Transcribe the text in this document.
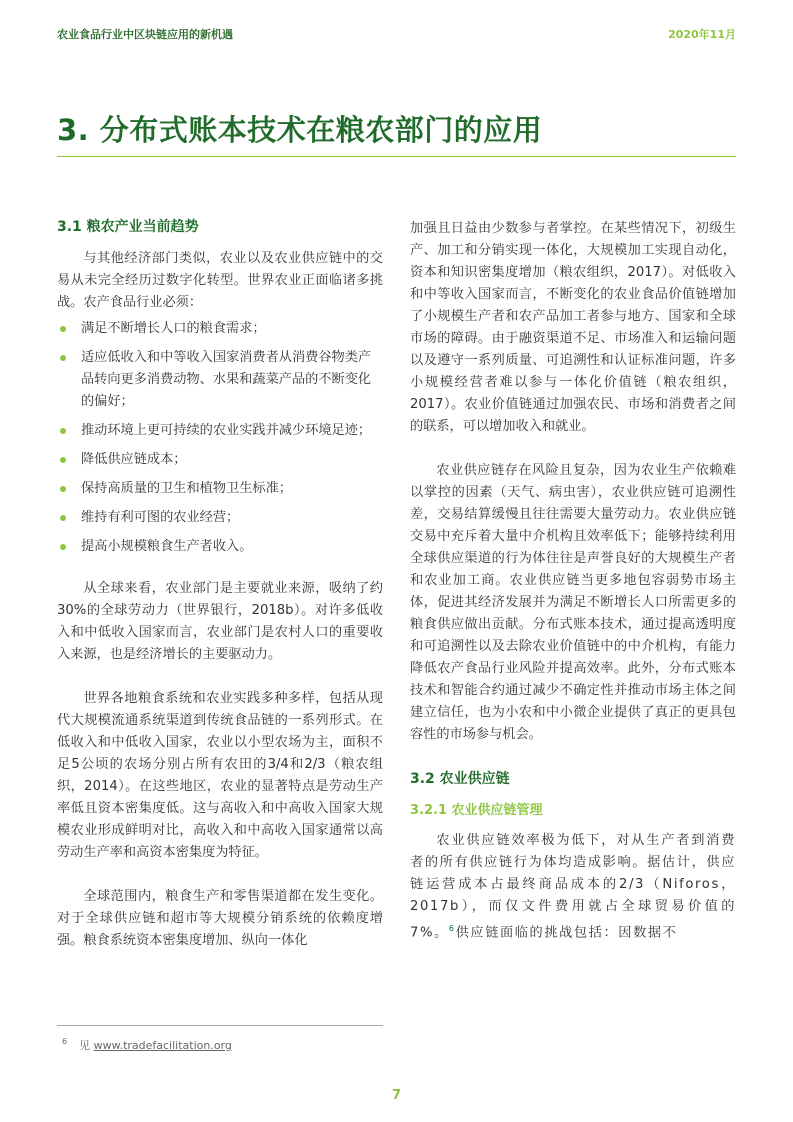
农业食品行业中区块链应用的新机遇	2020年11月
3. 分布式账本技术在粮农部门的应用
3.1 粮农产业当前趋势

与其他经济部门类似，农业以及农业供应链中的交易从未完全经历过数字化转型。世界农业正面临诸多挑战。农产食品行业必须：

满足不断增长人口的粮食需求；
适应低收入和中等收入国家消费者从消费谷物类产品转向更多消费动物、水果和蔬菜产品的不断变化的偏好；
推动环境上更可持续的农业实践并减少环境足迹；
降低供应链成本；
保持高质量的卫生和植物卫生标准；
维持有利可图的农业经营；
提高小规模粮食生产者收入。

从全球来看，农业部门是主要就业来源，吸纳了约30%的全球劳动力（世界银行，2018b）。对许多低收入和中低收入国家而言，农业部门是农村人口的重要收入来源，也是经济增长的主要驱动力。

世界各地粮食系统和农业实践多种多样，包括从现代大规模流通系统渠道到传统食品链的一系列形式。在低收入和中低收入国家，农业以小型农场为主，面积不足5公顷的农场分别占所有农田的3/4和2/3（粮农组织，2014）。在这些地区，农业的显著特点是劳动生产率低且资本密集度低。这与高收入和中高收入国家大规模农业形成鲜明对比，高收入和中高收入国家通常以高劳动生产率和高资本密集度为特征。

全球范围内，粮食生产和零售渠道都在发生变化。对于全球供应链和超市等大规模分销系统的依赖度增强。粮食系统资本密集度增加、纵向一体化

加强且日益由少数参与者掌控。在某些情况下，初级生产、加工和分销实现一体化，大规模加工实现自动化，资本和知识密集度增加（粮农组织，2017）。对低收入和中等收入国家而言，不断变化的农业食品价值链增加了小规模生产者和农产品加工者参与地方、国家和全球市场的障碍。由于融资渠道不足、市场准入和运输问题以及遵守一系列质量、可追溯性和认证标准问题，许多小规模经营者难以参与一体化价值链（粮农组织，2017）。农业价值链通过加强农民、市场和消费者之间的联系，可以增加收入和就业。

农业供应链存在风险且复杂，因为农业生产依赖难以掌控的因素（天气、病虫害），农业供应链可追溯性差，交易结算缓慢且往往需要大量劳动力。农业供应链交易中充斥着大量中介机构且效率低下；能够持续利用全球供应渠道的行为体往往是声誉良好的大规模生产者和农业加工商。农业供应链当更多地包容弱势市场主体，促进其经济发展并为满足不断增长人口所需更多的粮食供应做出贡献。分布式账本技术，通过提高透明度和可追溯性以及去除农业价值链中的中介机构，有能力降低农产食品行业风险并提高效率。此外，分布式账本技术和智能合约通过减少不确定性并推动市场主体之间建立信任，也为小农和中小微企业提供了真正的更具包容性的市场参与机会。

3.2 农业供应链
3.2.1 农业供应链管理

农业供应链效率极为低下，对从生产者到消费者的所有供应链行为体均造成影响。据估计，供应链运营成本占最终商品成本的2/3（Niforos，2017b），而仅文件费用就占全球贸易价值的7%。$^6$供应链面临的挑战包括：因数据不

$^6$ 见 www.tradefacilitation.org
7
